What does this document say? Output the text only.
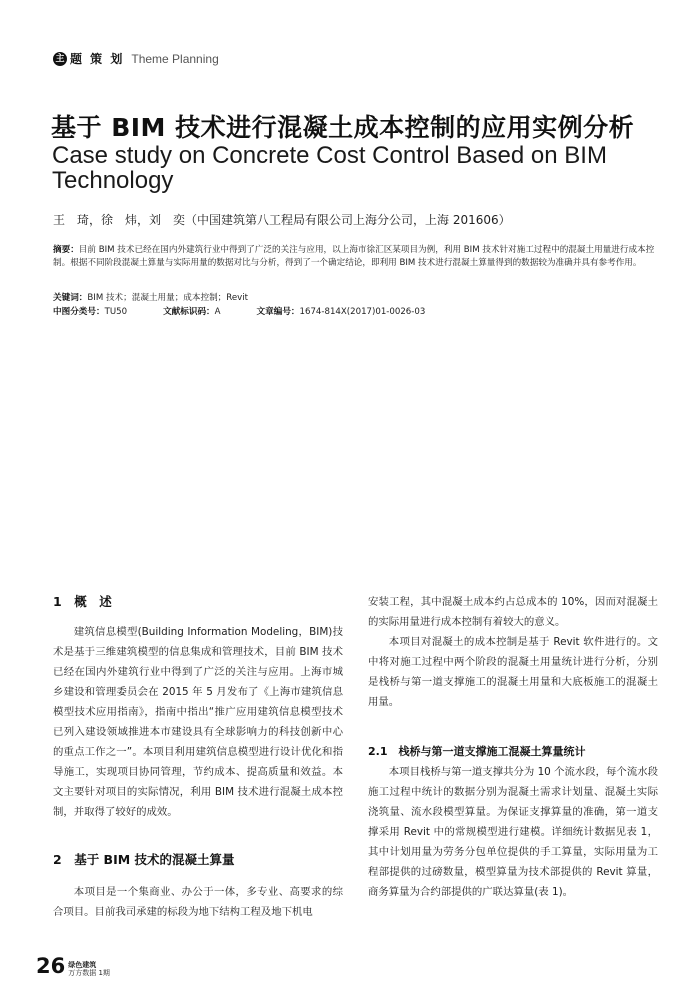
主 题 策 划 Theme Planning
基于 BIM 技术进行混凝土成本控制的应用实例分析
Case study on Concrete Cost Control Based on BIM Technology
王　琦，徐　炜，刘　奕（中国建筑第八工程局有限公司上海分公司，上海 201606）
摘要：目前 BIM 技术已经在国内外建筑行业中得到了广泛的关注与应用，以上海市徐汇区某项目为例，利用 BIM 技术针对施工过程中的混凝土用量进行成本控制。根据不同阶段混凝土算量与实际用量的数据对比与分析，得到了一个确定结论，即利用 BIM 技术进行混凝土算量得到的数据较为准确并具有参考作用。
关键词：BIM 技术；混凝土用量；成本控制；Revit
中图分类号：TU50	文献标识码：A	文章编号：1674-814X(2017)01-0026-03
1　概　述

建筑信息模型(Building Information Modeling，BIM)技术是基于三维建筑模型的信息集成和管理技术，目前 BIM 技术已经在国内外建筑行业中得到了广泛的关注与应用。上海市城乡建设和管理委员会在 2015 年 5 月发布了《上海市建筑信息模型技术应用指南》，指南中指出“推广应用建筑信息模型技术已列入建设领域推进本市建设具有全球影响力的科技创新中心的重点工作之一”。本项目利用建筑信息模型进行设计优化和指导施工，实现项目协同管理，节约成本、提高质量和效益。本文主要针对项目的实际情况，利用 BIM 技术进行混凝土成本控制，并取得了较好的成效。

2　基于 BIM 技术的混凝土算量

本项目是一个集商业、办公于一体，多专业、高要求的综合项目。目前我司承建的标段为地下结构工程及地下机电

安装工程，其中混凝土成本约占总成本的 10%，因而对混凝土的实际用量进行成本控制有着较大的意义。

本项目对混凝土的成本控制是基于 Revit 软件进行的。文中将对施工过程中两个阶段的混凝土用量统计进行分析，分别是栈桥与第一道支撑施工的混凝土用量和大底板施工的混凝土用量。

2.1　栈桥与第一道支撑施工混凝土算量统计

本项目栈桥与第一道支撑共分为 10 个流水段，每个流水段施工过程中统计的数据分别为混凝土需求计划量、混凝土实际浇筑量、流水段模型算量。为保证支撑算量的准确，第一道支撑采用 Revit 中的常规模型进行建模。详细统计数据见表 1，其中计划用量为劳务分包单位提供的手工算量，实际用量为工程部提供的过磅数量，模型算量为技术部提供的 Revit 算量，商务算量为合约部提供的广联达算量(表 1)。

26 绿色建筑
万方数据 1期
